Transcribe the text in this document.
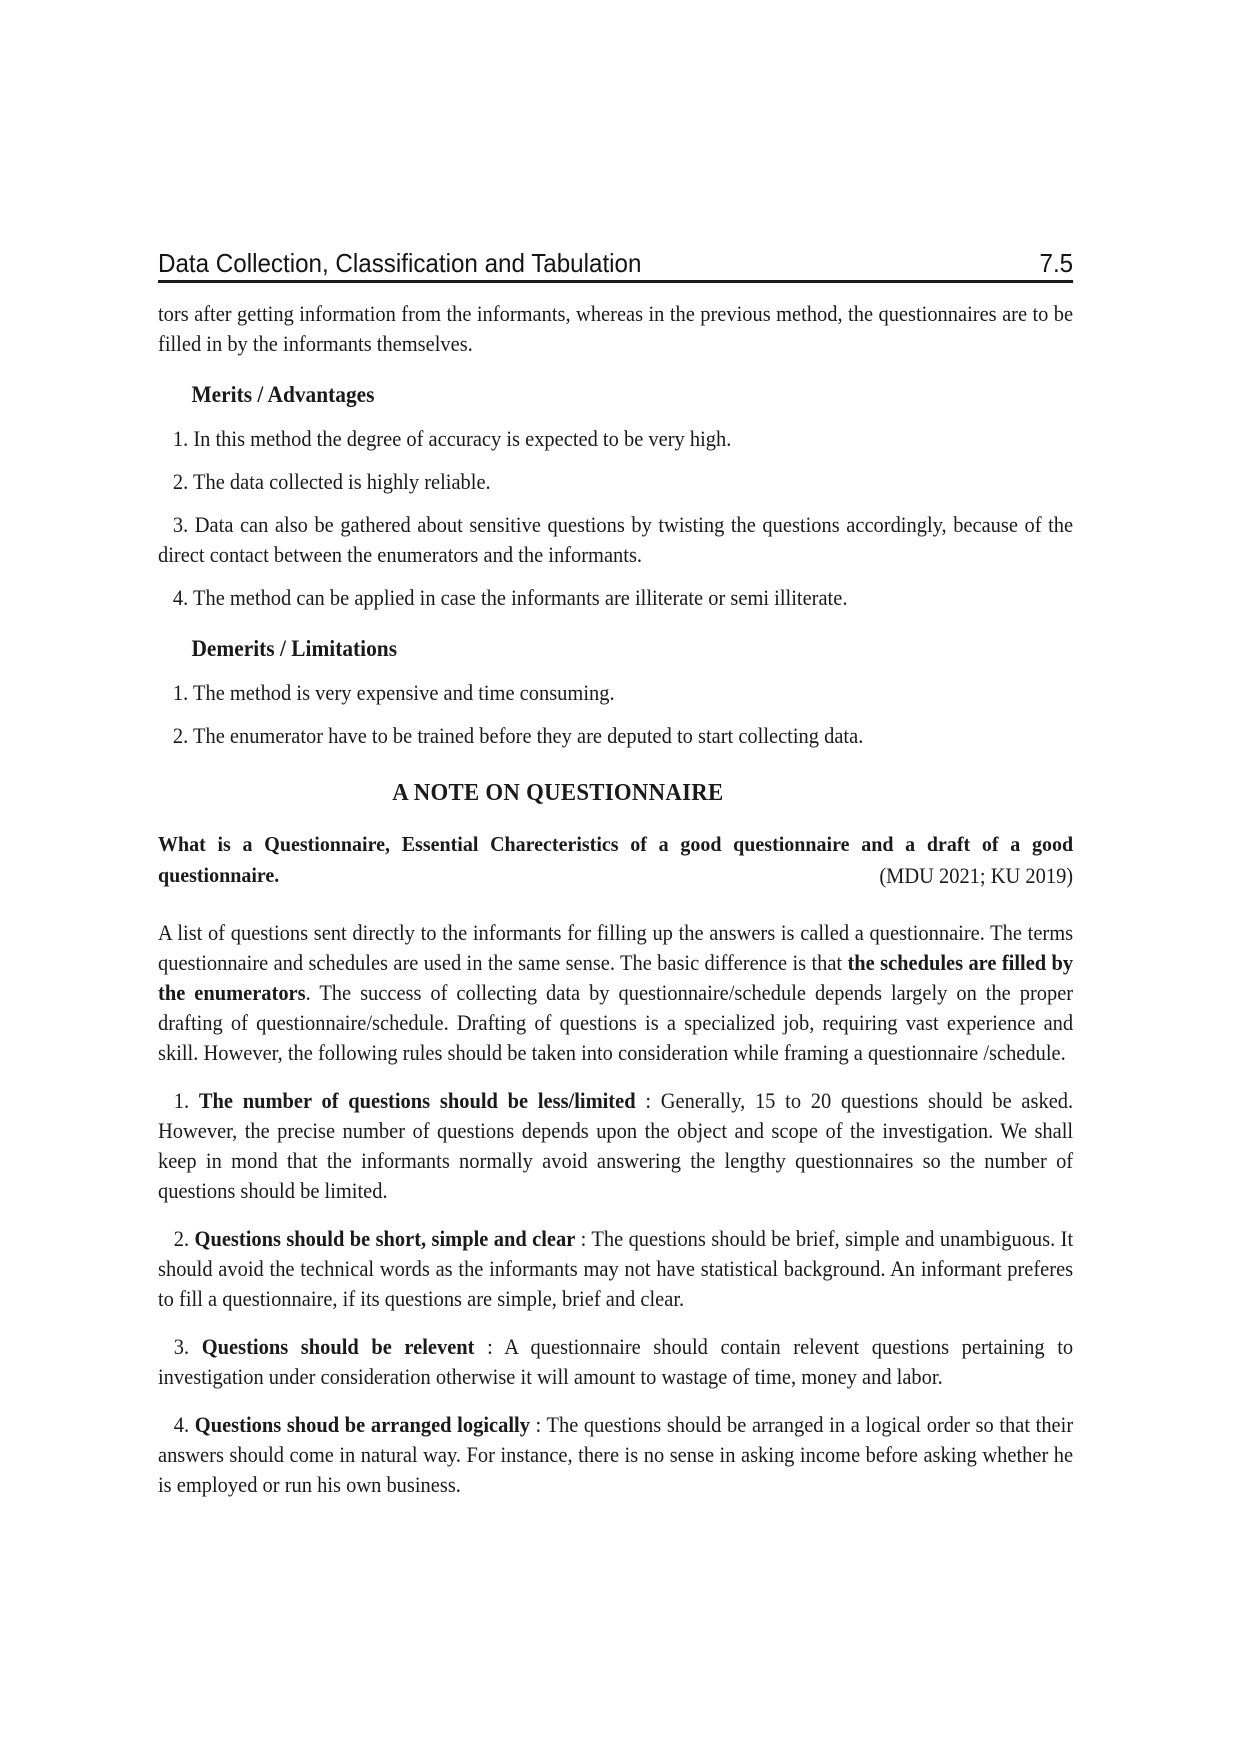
Data Collection, Classification and Tabulation	7.5

tors after getting information from the informants, whereas in the previous method, the questionnaires are to be filled in by the informants themselves.

Merits / Advantages

1. In this method the degree of accuracy is expected to be very high.

2. The data collected is highly reliable.

3. Data can also be gathered about sensitive questions by twisting the questions accordingly, because of the direct contact between the enumerators and the informants.

4. The method can be applied in case the informants are illiterate or semi illiterate.

Demerits / Limitations

1. The method is very expensive and time consuming.

2. The enumerator have to be trained before they are deputed to start collecting data.

A NOTE ON QUESTIONNAIRE
What is a Questionnaire, Essential Charecteristics of a good questionnaire and a draft of a good questionnaire.	(MDU 2021; KU 2019)

A list of questions sent directly to the informants for filling up the answers is called a questionnaire. The terms questionnaire and schedules are used in the same sense. The basic difference is that the schedules are filled by the enumerators. The success of collecting data by questionnaire/schedule depends largely on the proper drafting of questionnaire/schedule. Drafting of questions is a specialized job, requiring vast experience and skill. However, the following rules should be taken into consideration while framing a questionnaire /schedule.

1. The number of questions should be less/limited : Generally, 15 to 20 questions should be asked. However, the precise number of questions depends upon the object and scope of the investigation. We shall keep in mond that the informants normally avoid answering the lengthy questionnaires so the number of questions should be limited.

2. Questions should be short, simple and clear : The questions should be brief, simple and unambiguous. It should avoid the technical words as the informants may not have statistical background. An informant preferes to fill a questionnaire, if its questions are simple, brief and clear.

3. Questions should be relevent : A questionnaire should contain relevent questions pertaining to investigation under consideration otherwise it will amount to wastage of time, money and labor.

4. Questions shoud be arranged logically : The questions should be arranged in a logical order so that their answers should come in natural way. For instance, there is no sense in asking income before asking whether he is employed or run his own business.
